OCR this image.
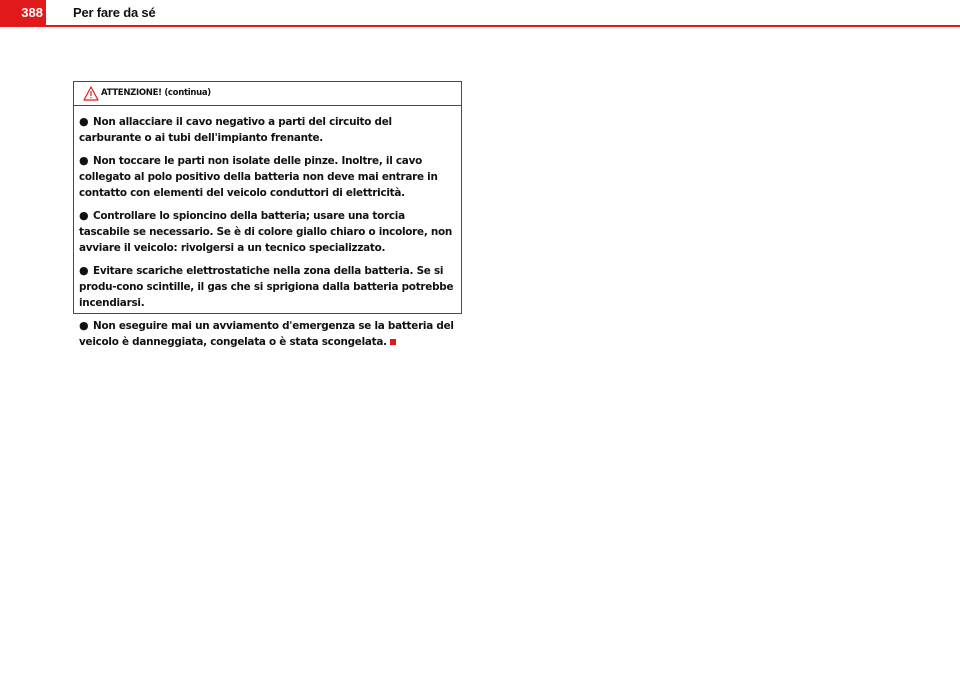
388 Per fare da sé
ATTENZIONE! (continua)
● Non allacciare il cavo negativo a parti del circuito del carburante o ai tubi dell'impianto frenante.
● Non toccare le parti non isolate delle pinze. Inoltre, il cavo collegato al polo positivo della batteria non deve mai entrare in contatto con elementi del veicolo conduttori di elettricità.
● Controllare lo spioncino della batteria; usare una torcia tascabile se necessario. Se è di colore giallo chiaro o incolore, non avviare il veicolo: rivolgersi a un tecnico specializzato.
● Evitare scariche elettrostatiche nella zona della batteria. Se si produ-cono scintille, il gas che si sprigiona dalla batteria potrebbe incendiarsi.
● Non eseguire mai un avviamento d'emergenza se la batteria del veicolo è danneggiata, congelata o è stata scongelata.
